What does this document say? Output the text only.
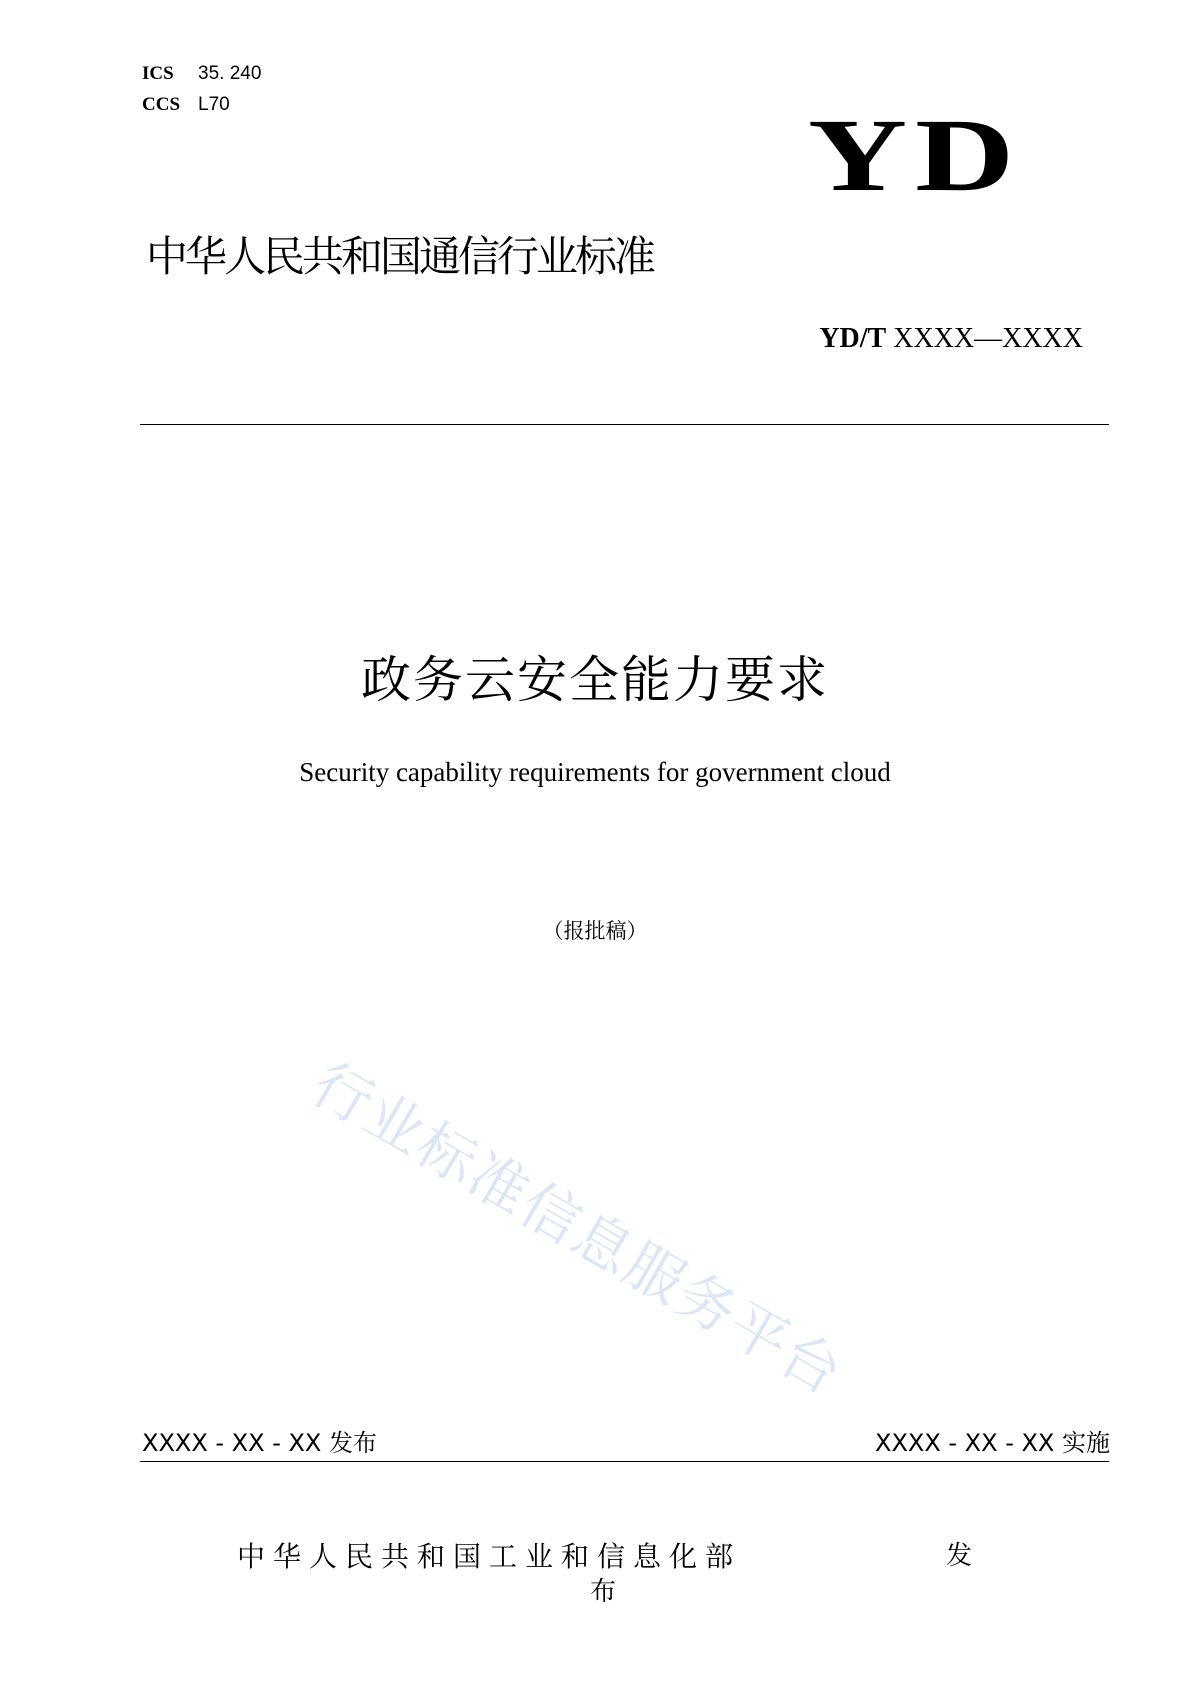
ICS 35. 240
CCS L70	YD
中华人民共和国通信行业标准
YD/T XXXX—XXXX
政务云安全能力要求
Security capability requirements for government cloud
（报批稿）
行业标准信息服务平台
XXXX - XX - XX 发布	XXXX - XX - XX 实施
中华人民共和国工业和信息化部	发
布
